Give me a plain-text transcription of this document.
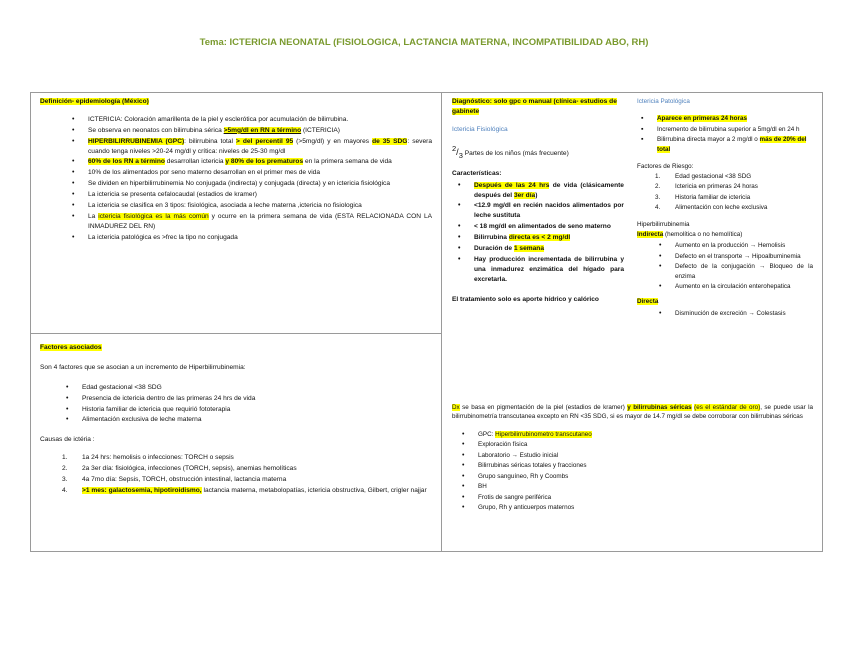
Tema: ICTERICIA NEONATAL (FISIOLOGICA, LACTANCIA MATERNA, INCOMPATIBILIDAD ABO, RH)
Definición- epidemiología (México)
• ICTERICIA: Coloración amarillenta de la piel y esclerótica por acumulación de bilirrubina.
• Se observa en neonatos con bilirrubina sérica >5mg/dl en RN a término (ICTERICIA)
• HIPERBILIRRUBINEMIA (GPC): bilirrubina total > del percentil 95 (>5mg/dl) y en mayores de 35 SDG: severa cuando tenga niveles >20-24 mg/dl y crítica: niveles de 25-30 mg/dl
• 60% de los RN a término desarrollan ictericia y 80% de los prematuros en la primera semana de vida
• 10% de los alimentados por seno materno desarrollan en el primer mes de vida
• Se dividen en hiperbilirrubinemia No conjugada (indirecta) y conjugada (directa) y en ictericia fisiológica
• La ictericia se presenta cefalocaudal (estadios de kramer)
• La ictericia se clasifica en 3 tipos: fisiológica, asociada a leche materna ,ictericia no fisiologica
• La ictericia fisiológica es la más común y ocurre en la primera semana de vida (ESTA RELACIONADA CON LA INMADUREZ DEL RN)
• La ictericia patológica es >frec la tipo no conjugada
Factores asociados
Son 4 factores que se asocian a un incremento de Hiperbilirrubinemia:
• Edad gestacional <38 SDG
• Presencia de ictericia dentro de las primeras 24 hrs de vida
• Historia familiar de ictericia que requirió fototerapia
• Alimentación exclusiva de leche materna
Causas de ictéria :
1. 1a 24 hrs: hemolisis o infecciones: TORCH o sepsis
2. 2a 3er día: fisiológica, infecciones (TORCH, sepsis), anemias hemolíticas
3. 4a 7mo día: Sepsis, TORCH, obstrucción intestinal, lactancia materna
4. >1 mes: galactosemia, hipotiroidismo, lactancia materna, metabolopatías, ictericia obstructiva, Gilbert, crigler najjar
Diagnóstico: solo gpc o manual (clínica- estudios de gabinete
Ictericia Fisiológica
$^2/_3$ Partes de los niños (más frecuente)
Características:
• Después de las 24 hrs de vida (clásicamente después del 3er día)
• <12.9 mg/dl en recién nacidos alimentados por leche sustituta
• < 18 mg/dl en alimentados de seno materno
• Bilirrubina directa es < 2 mg/dl
• Duración de 1 semana
• Hay producción incrementada de bilirrubina y una inmadurez enzimática del hígado para excretarla.
El tratamiento solo es aporte hídrico y calórico
Ictericia Patológica
▪ Aparece en primeras 24 horas
▪ Incremento de bilirrubina superior a 5mg/dl en 24 h
▪ Bilirrubina directa mayor a 2 mg/dl o más de 20% del total
Factores de Riesgo:
1. Edad gestacional <38 SDG
2. Ictericia en primeras 24 horas
3. Historia familiar de ictericia
4. Alimentación con leche exclusiva
Hiperbilirrubinemia
Indirecta (hemolítica o no hemolítica)
• Aumento en la producción → Hemolisis
• Defecto en el transporte → Hipoalbuminemia
• Defecto de la conjugación → Bloqueo de la enzima
• Aumento en la circulación enterohepatica
Directa
• Disminución de excreción → Colestasis
Dx se basa en pigmentación de la piel (estadios de kramer) y bilirrubinas séricas (es el estándar de oro), se puede usar la bilirrubinometría transcutanea excepto en RN <35 SDG, si es mayor de 14.7 mg/dl se debe corroborar con bilirrubinas séricas
• GPC: Hiperbilirrubinometro transcutaneo
• Exploración física
• Laboratorio → Estudio inicial
• Bilirrubinas séricas totales y fracciones
• Grupo sanguíneo, Rh y Coombs
• BH
• Frotis de sangre periférica
• Grupo, Rh y anticuerpos maternos
